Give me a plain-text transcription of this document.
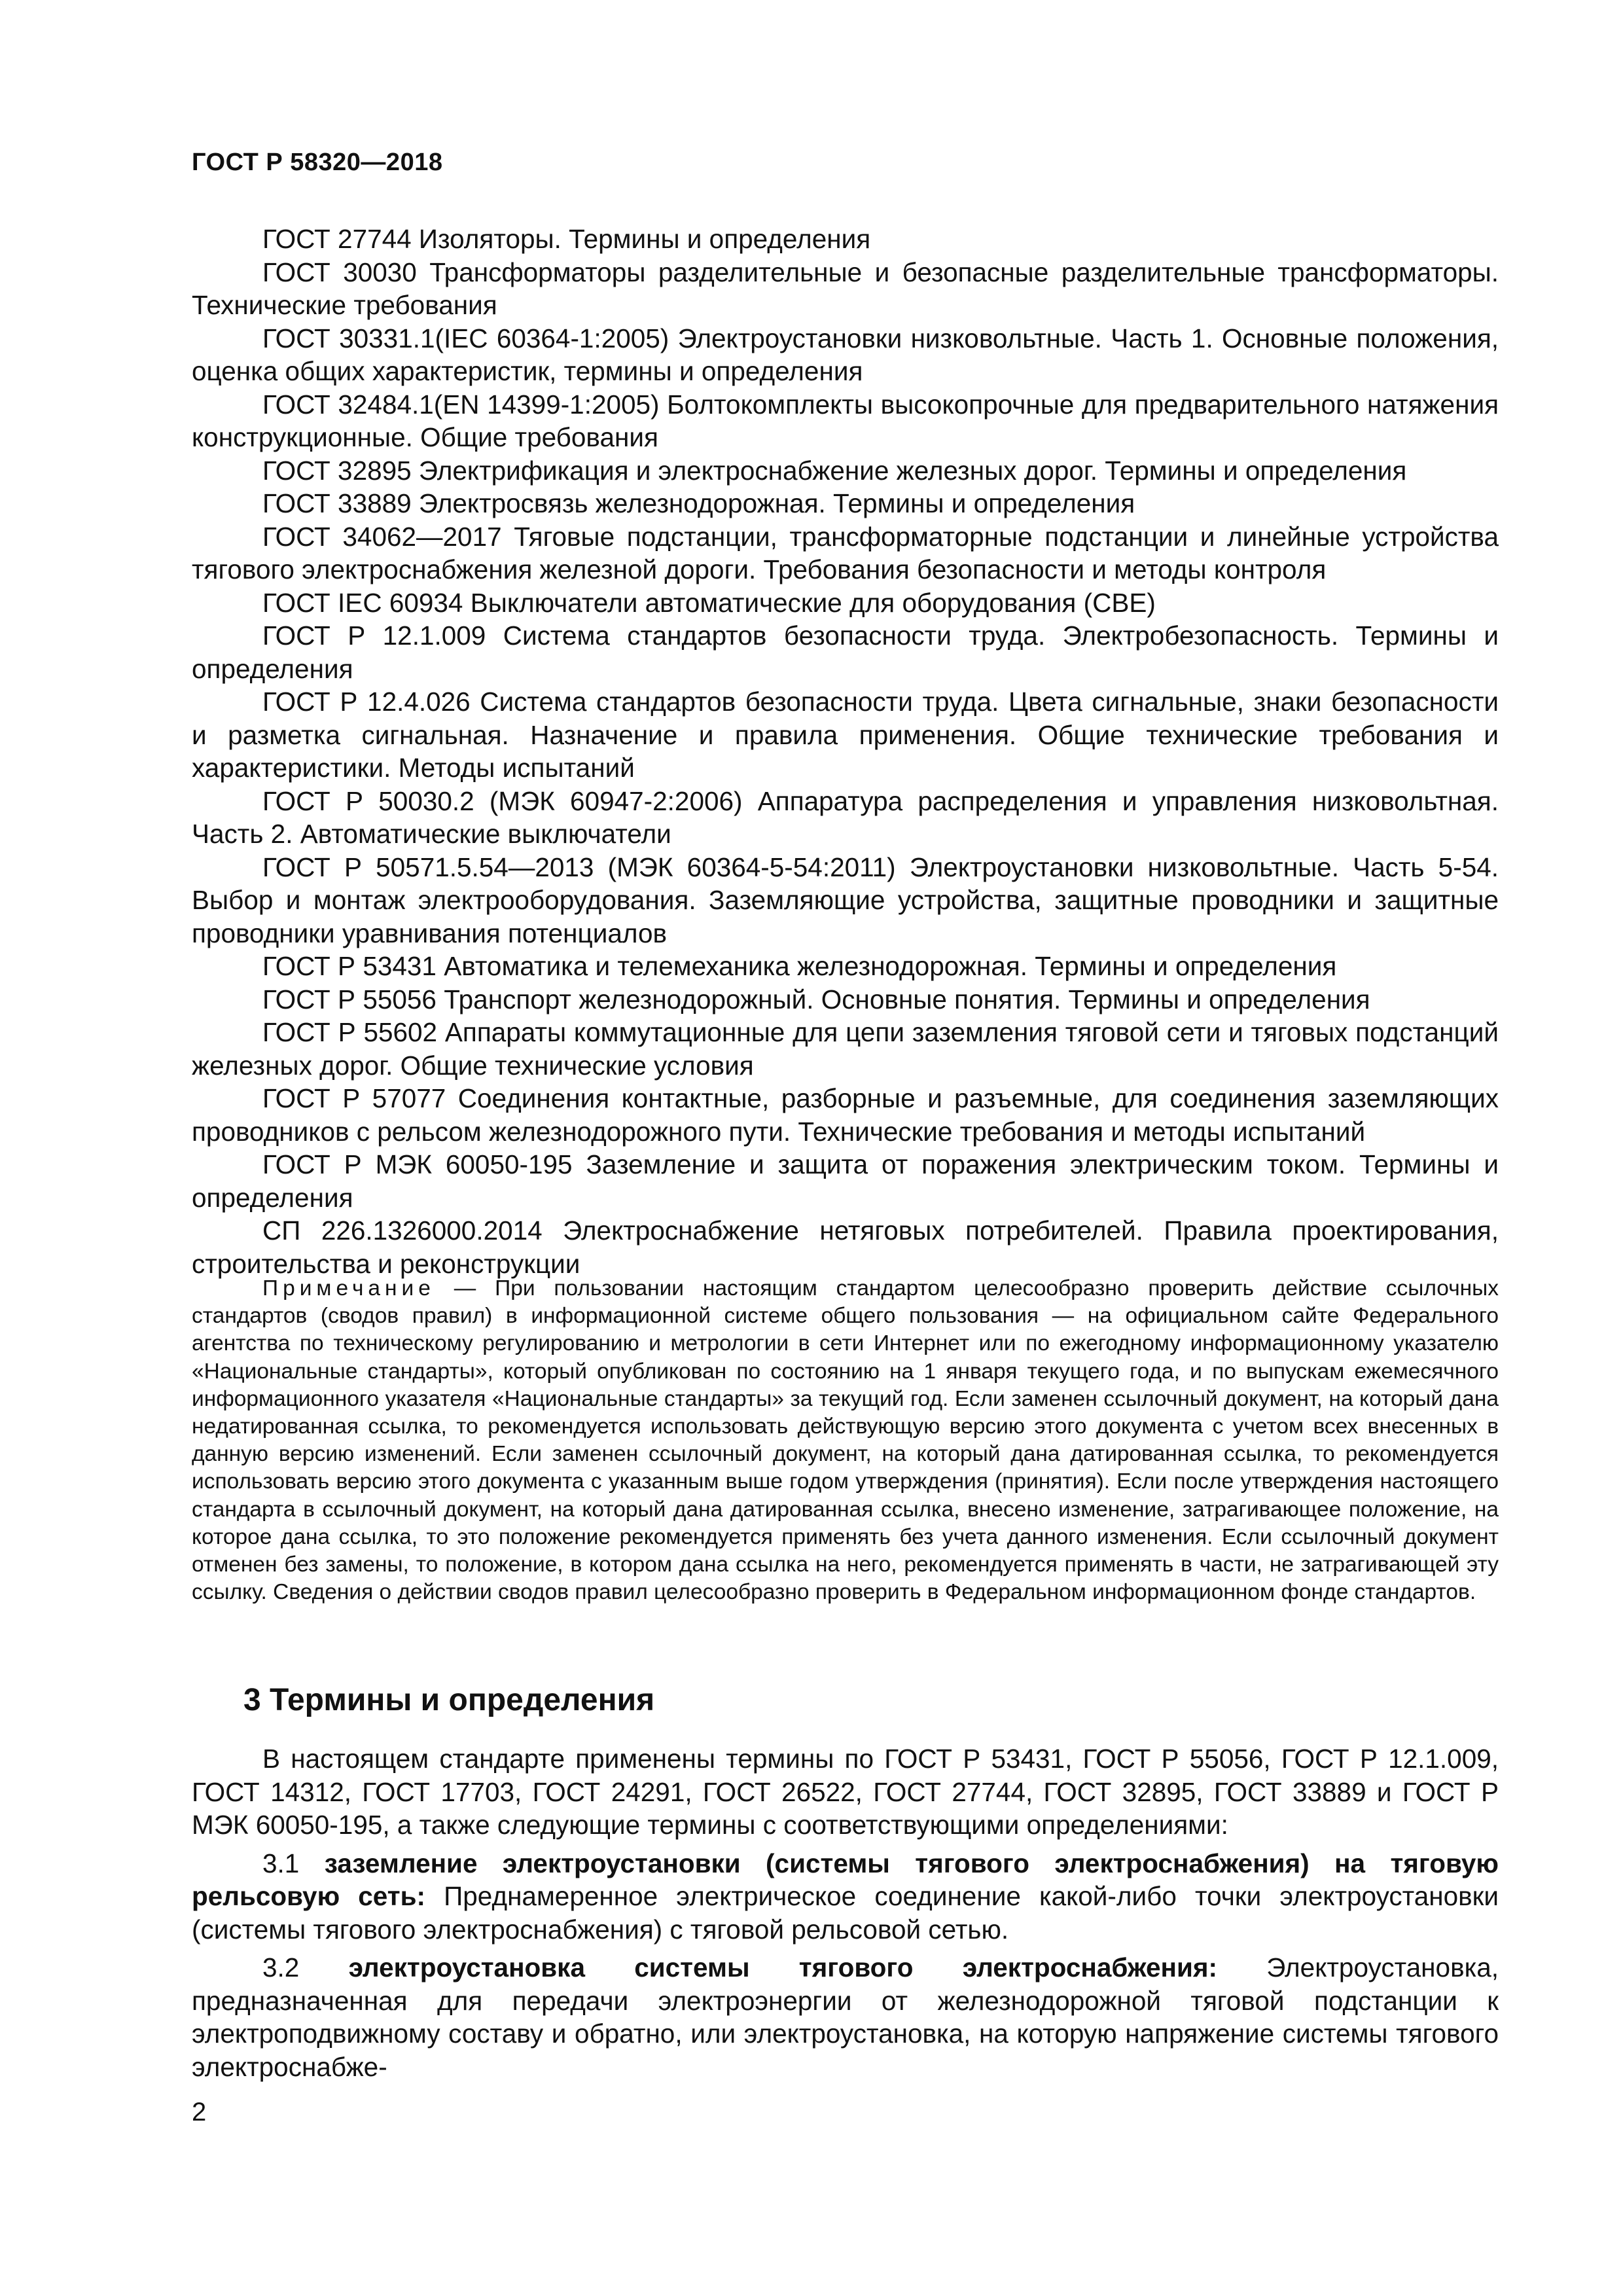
ГОСТ Р 58320—2018

ГОСТ 27744 Изоляторы. Термины и определения

ГОСТ 30030 Трансформаторы разделительные и безопасные разделительные трансформаторы. Технические требования

ГОСТ 30331.1(IEC 60364-1:2005) Электроустановки низковольтные. Часть 1. Основные положения, оценка общих характеристик, термины и определения

ГОСТ 32484.1(EN 14399-1:2005) Болтокомплекты высокопрочные для предварительного натяжения конструкционные. Общие требования

ГОСТ 32895 Электрификация и электроснабжение железных дорог. Термины и определения

ГОСТ 33889 Электросвязь железнодорожная. Термины и определения

ГОСТ 34062—2017 Тяговые подстанции, трансформаторные подстанции и линейные устройства тягового электроснабжения железной дороги. Требования безопасности и методы контроля

ГОСТ IEC 60934 Выключатели автоматические для оборудования (СВЕ)

ГОСТ Р 12.1.009 Система стандартов безопасности труда. Электробезопасность. Термины и определения

ГОСТ Р 12.4.026 Система стандартов безопасности труда. Цвета сигнальные, знаки безопасности и разметка сигнальная. Назначение и правила применения. Общие технические требования и характеристики. Методы испытаний

ГОСТ Р 50030.2 (МЭК 60947-2:2006) Аппаратура распределения и управления низковольтная. Часть 2. Автоматические выключатели

ГОСТ Р 50571.5.54—2013 (МЭК 60364-5-54:2011) Электроустановки низковольтные. Часть 5-54. Выбор и монтаж электрооборудования. Заземляющие устройства, защитные проводники и защитные проводники уравнивания потенциалов

ГОСТ Р 53431 Автоматика и телемеханика железнодорожная. Термины и определения

ГОСТ Р 55056 Транспорт железнодорожный. Основные понятия. Термины и определения

ГОСТ Р 55602 Аппараты коммутационные для цепи заземления тяговой сети и тяговых подстанций железных дорог. Общие технические условия

ГОСТ Р 57077 Соединения контактные, разборные и разъемные, для соединения заземляющих проводников с рельсом железнодорожного пути. Технические требования и методы испытаний

ГОСТ Р МЭК 60050-195 Заземление и защита от поражения электрическим током. Термины и определения

СП 226.1326000.2014 Электроснабжение нетяговых потребителей. Правила проектирования, строительства и реконструкции

Примечание — При пользовании настоящим стандартом целесообразно проверить действие ссылочных стандартов (сводов правил) в информационной системе общего пользования — на официальном сайте Федерального агентства по техническому регулированию и метрологии в сети Интернет или по ежегодному информационному указателю «Национальные стандарты», который опубликован по состоянию на 1 января текущего года, и по выпускам ежемесячного информационного указателя «Национальные стандарты» за текущий год. Если заменен ссылочный документ, на который дана недатированная ссылка, то рекомендуется использовать действующую версию этого документа с учетом всех внесенных в данную версию изменений. Если заменен ссылочный документ, на который дана датированная ссылка, то рекомендуется использовать версию этого документа с указанным выше годом утверждения (принятия). Если после утверждения настоящего стандарта в ссылочный документ, на который дана датированная ссылка, внесено изменение, затрагивающее положение, на которое дана ссылка, то это положение рекомендуется применять без учета данного изменения. Если ссылочный документ отменен без замены, то положение, в котором дана ссылка на него, рекомендуется применять в части, не затрагивающей эту ссылку. Сведения о действии сводов правил целесообразно проверить в Федеральном информационном фонде стандартов.

3 Термины и определения

В настоящем стандарте применены термины по ГОСТ Р 53431, ГОСТ Р 55056, ГОСТ Р 12.1.009, ГОСТ 14312, ГОСТ 17703, ГОСТ 24291, ГОСТ 26522, ГОСТ 27744, ГОСТ 32895, ГОСТ 33889 и ГОСТ Р МЭК 60050-195, а также следующие термины с соответствующими определениями:

3.1 заземление электроустановки (системы тягового электроснабжения) на тяговую рельсовую сеть: Преднамеренное электрическое соединение какой-либо точки электроустановки (системы тягового электроснабжения) с тяговой рельсовой сетью.

3.2 электроустановка системы тягового электроснабжения: Электроустановка, предназначенная для передачи электроэнергии от железнодорожной тяговой подстанции к электроподвижному составу и обратно, или электроустановка, на которую напряжение системы тягового электроснабже-

2
